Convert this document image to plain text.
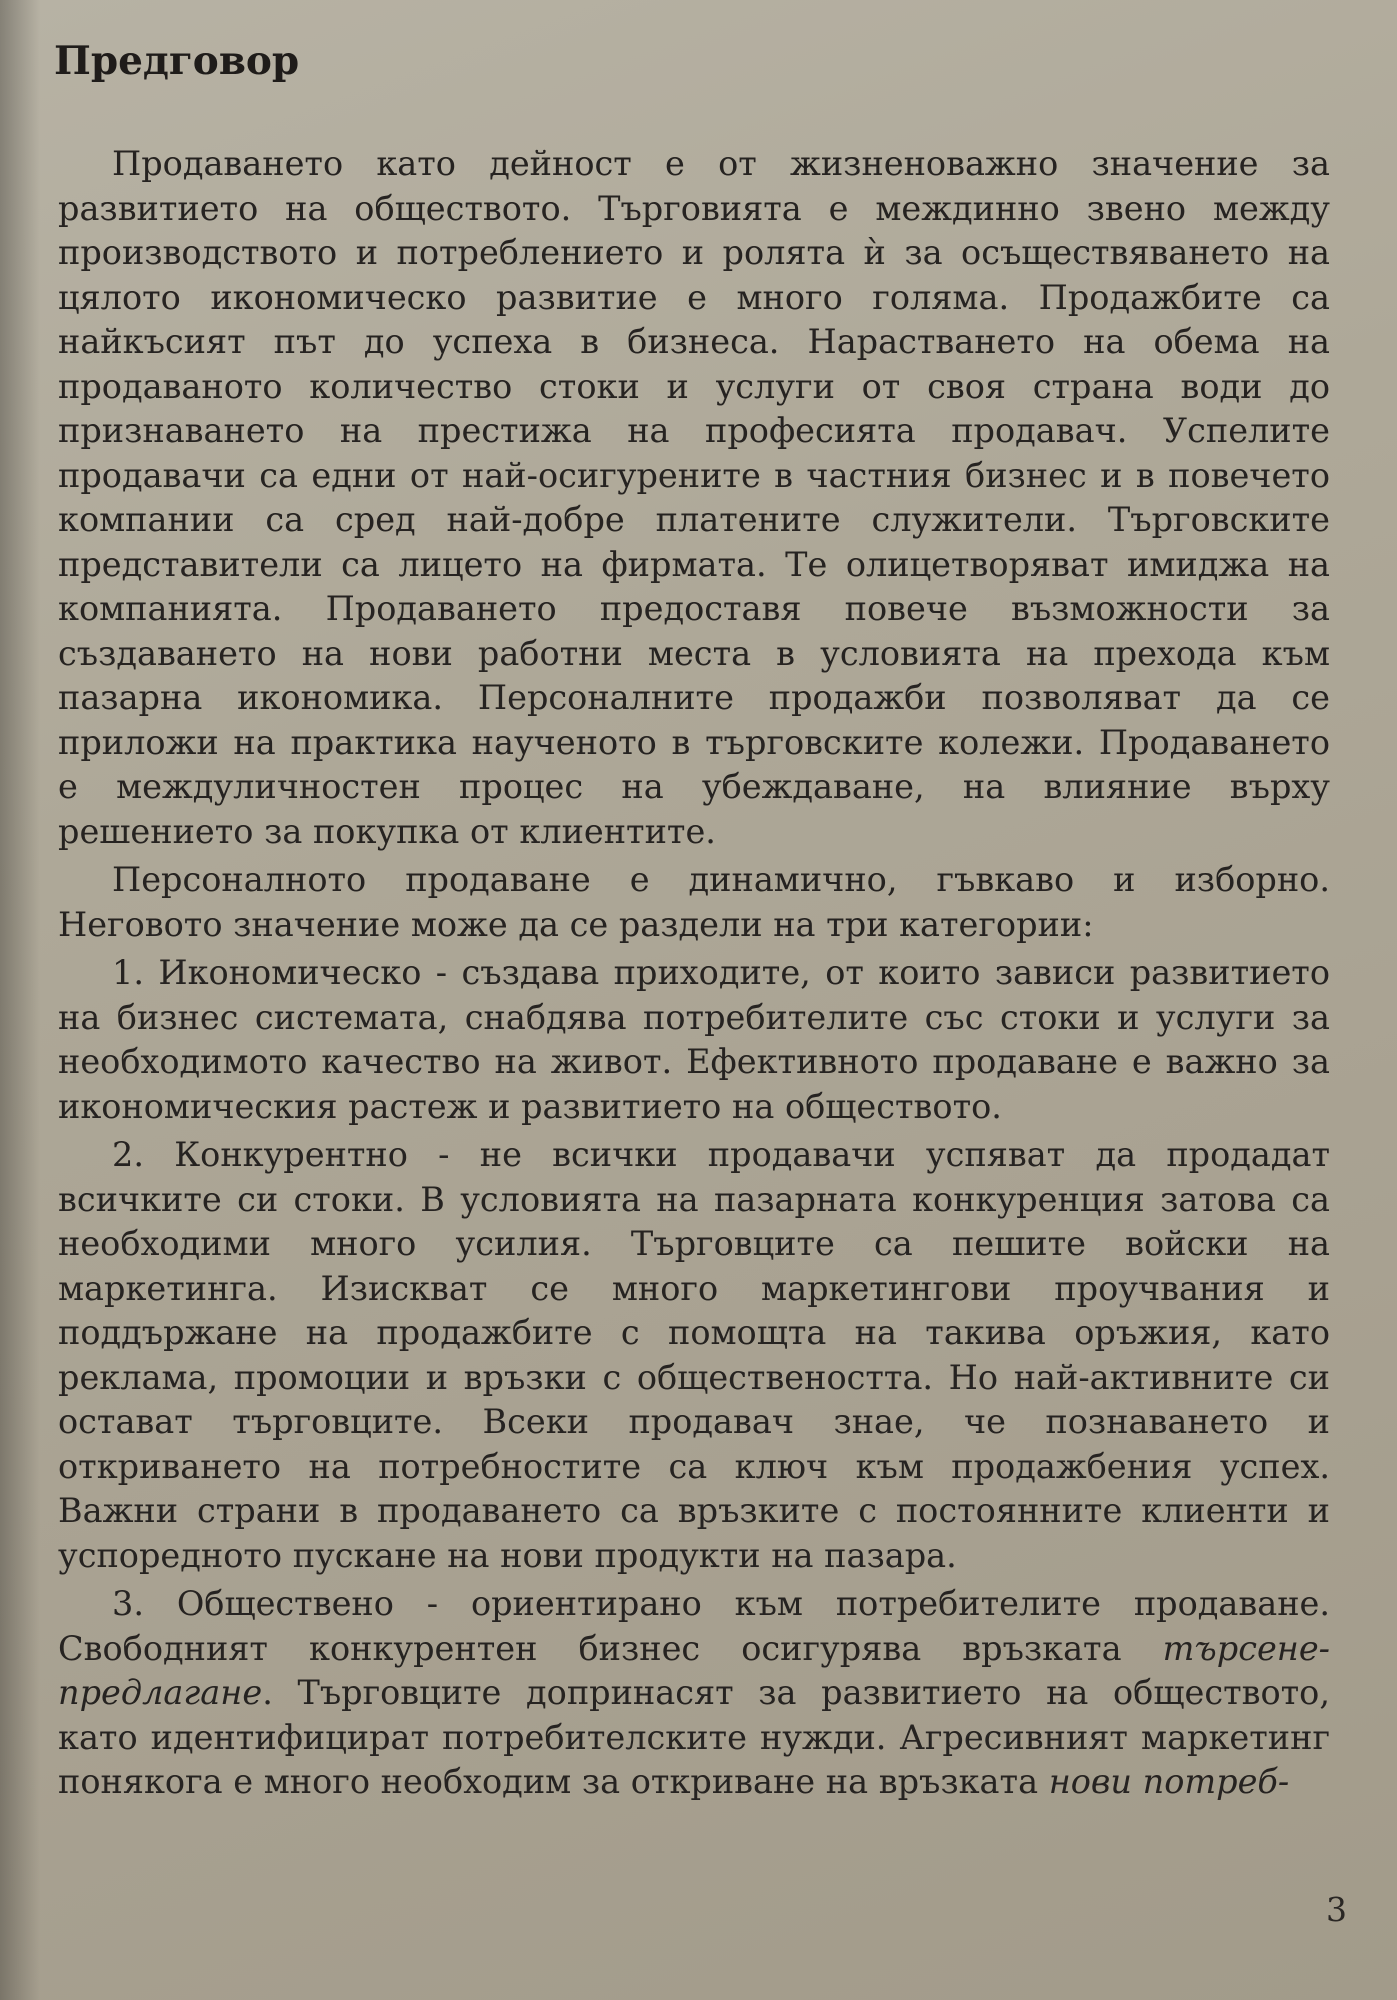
Предговор

Продаването като дейност е от жизненоважно значение за развитието на обществото. Търговията е междинно звено между производството и потреблението и ролята ѝ за осъществяването на цялото икономическо развитие е много голяма. Продажбите са найкъсият път до успеха в бизнеса. Нарастването на обема на продаваното количество стоки и услуги от своя страна води до признаването на престижа на професията продавач. Успелите продавачи са едни от най-осигурените в частния бизнес и в повечето компании са сред най-добре платените служители. Търговските представители са лицето на фирмата. Те олицетворяват имиджа на компанията. Продаването предоставя повече възможности за създаването на нови работни места в условията на прехода към пазарна икономика. Персоналните продажби позволяват да се приложи на практика наученото в търговските колежи. Продаването е междуличностен процес на убеждаване, на влияние върху решението за покупка от клиентите.

Персоналното продаване е динамично, гъвкаво и изборно. Неговото значение може да се раздели на три категории:

1. Икономическо - създава приходите, от които зависи развитието на бизнес системата, снабдява потребителите със стоки и услуги за необходимото качество на живот. Ефективното продаване е важно за икономическия растеж и развитието на обществото.

2. Конкурентно - не всички продавачи успяват да продадат всичките си стоки. В условията на пазарната конкуренция затова са необходими много усилия. Търговците са пешите войски на маркетинга. Изискват се много маркетингови проучвания и поддържане на продажбите с помощта на такива оръжия, като реклама, промоции и връзки с обществеността. Но най-активните си остават търговците. Всеки продавач знае, че познаването и откриването на потребностите са ключ към продажбения успех. Важни страни в продаването са връзките с постоянните клиенти и успоредното пускане на нови продукти на пазара.

3. Обществено - ориентирано към потребителите продаване. Свободният конкурентен бизнес осигурява връзката търсене-предлагане. Търговците допринасят за развитието на обществото, като идентифицират потребителските нужди. Агресивният маркетинг понякога е много необходим за откриване на връзката нови потреб-

3
